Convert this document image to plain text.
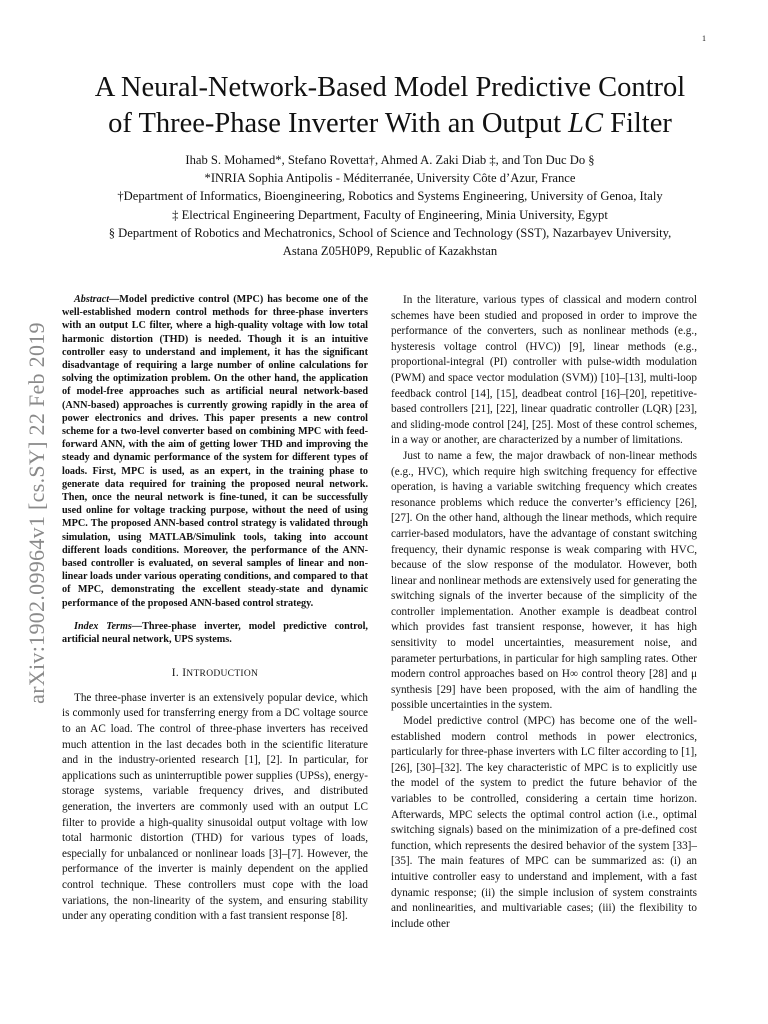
1
arXiv:1902.09964v1 [cs.SY] 22 Feb 2019
A Neural-Network-Based Model Predictive Control
of Three-Phase Inverter With an Output LC Filter
Ihab S. Mohamed*, Stefano Rovetta†, Ahmed A. Zaki Diab ‡, and Ton Duc Do §
*INRIA Sophia Antipolis - Méditerranée, University Côte d’Azur, France
†Department of Informatics, Bioengineering, Robotics and Systems Engineering, University of Genoa, Italy
‡ Electrical Engineering Department, Faculty of Engineering, Minia University, Egypt
§ Department of Robotics and Mechatronics, School of Science and Technology (SST), Nazarbayev University,
Astana Z05H0P9, Republic of Kazakhstan

Abstract—Model predictive control (MPC) has become one of the well-established modern control methods for three-phase inverters with an output LC filter, where a high-quality voltage with low total harmonic distortion (THD) is needed. Though it is an intuitive controller easy to understand and implement, it has the significant disadvantage of requiring a large number of online calculations for solving the optimization problem. On the other hand, the application of model-free approaches such as artificial neural network-based (ANN-based) approaches is currently growing rapidly in the area of power electronics and drives. This paper presents a new control scheme for a two-level converter based on combining MPC with feed-forward ANN, with the aim of getting lower THD and improving the steady and dynamic performance of the system for different types of loads. First, MPC is used, as an expert, in the training phase to generate data required for training the proposed neural network. Then, once the neural network is fine-tuned, it can be successfully used online for voltage tracking purpose, without the need of using MPC. The proposed ANN-based control strategy is validated through simulation, using MATLAB/Simulink tools, taking into account different loads conditions. Moreover, the performance of the ANN-based controller is evaluated, on several samples of linear and non-linear loads under various operating conditions, and compared to that of MPC, demonstrating the excellent steady-state and dynamic performance of the proposed ANN-based control strategy.

Index Terms—Three-phase inverter, model predictive control, artificial neural network, UPS systems.

I. INTRODUCTION

The three-phase inverter is an extensively popular device, which is commonly used for transferring energy from a DC voltage source to an AC load. The control of three-phase inverters has received much attention in the last decades both in the scientific literature and in the industry-oriented research [1], [2]. In particular, for applications such as uninterruptible power supplies (UPSs), energy-storage systems, variable frequency drives, and distributed generation, the inverters are commonly used with an output LC filter to provide a high-quality sinusoidal output voltage with low total harmonic distortion (THD) for various types of loads, especially for unbalanced or nonlinear loads [3]–[7]. However, the performance of the inverter is mainly dependent on the applied control technique. These controllers must cope with the load variations, the non-linearity of the system, and ensuring stability under any operating condition with a fast transient response [8].

In the literature, various types of classical and modern control schemes have been studied and proposed in order to improve the performance of the converters, such as nonlinear methods (e.g., hysteresis voltage control (HVC)) [9], linear methods (e.g., proportional-integral (PI) controller with pulse-width modulation (PWM) and space vector modulation (SVM)) [10]–[13], multi-loop feedback control [14], [15], deadbeat control [16]–[20], repetitive-based controllers [21], [22], linear quadratic controller (LQR) [23], and sliding-mode control [24], [25]. Most of these control schemes, in a way or another, are characterized by a number of limitations.

Just to name a few, the major drawback of non-linear methods (e.g., HVC), which require high switching frequency for effective operation, is having a variable switching frequency which creates resonance problems which reduce the converter’s efficiency [26], [27]. On the other hand, although the linear methods, which require carrier-based modulators, have the advantage of constant switching frequency, their dynamic response is weak comparing with HVC, because of the slow response of the modulator. However, both linear and nonlinear methods are extensively used for generating the switching signals of the inverter because of the simplicity of the controller implementation. Another example is deadbeat control which provides fast transient response, however, it has high sensitivity to model uncertainties, measurement noise, and parameter perturbations, in particular for high sampling rates. Other modern control approaches based on H∞ control theory [28] and μ synthesis [29] have been proposed, with the aim of handling the possible uncertainties in the system.

Model predictive control (MPC) has become one of the well-established modern control methods in power electronics, particularly for three-phase inverters with LC filter according to [1], [26], [30]–[32]. The key characteristic of MPC is to explicitly use the model of the system to predict the future behavior of the variables to be controlled, considering a certain time horizon. Afterwards, MPC selects the optimal control action (i.e., optimal switching signals) based on the minimization of a pre-defined cost function, which represents the desired behavior of the system [33]–[35]. The main features of MPC can be summarized as: (i) an intuitive controller easy to understand and implement, with a fast dynamic response; (ii) the simple inclusion of system constraints and nonlinearities, and multivariable cases; (iii) the flexibility to include other
